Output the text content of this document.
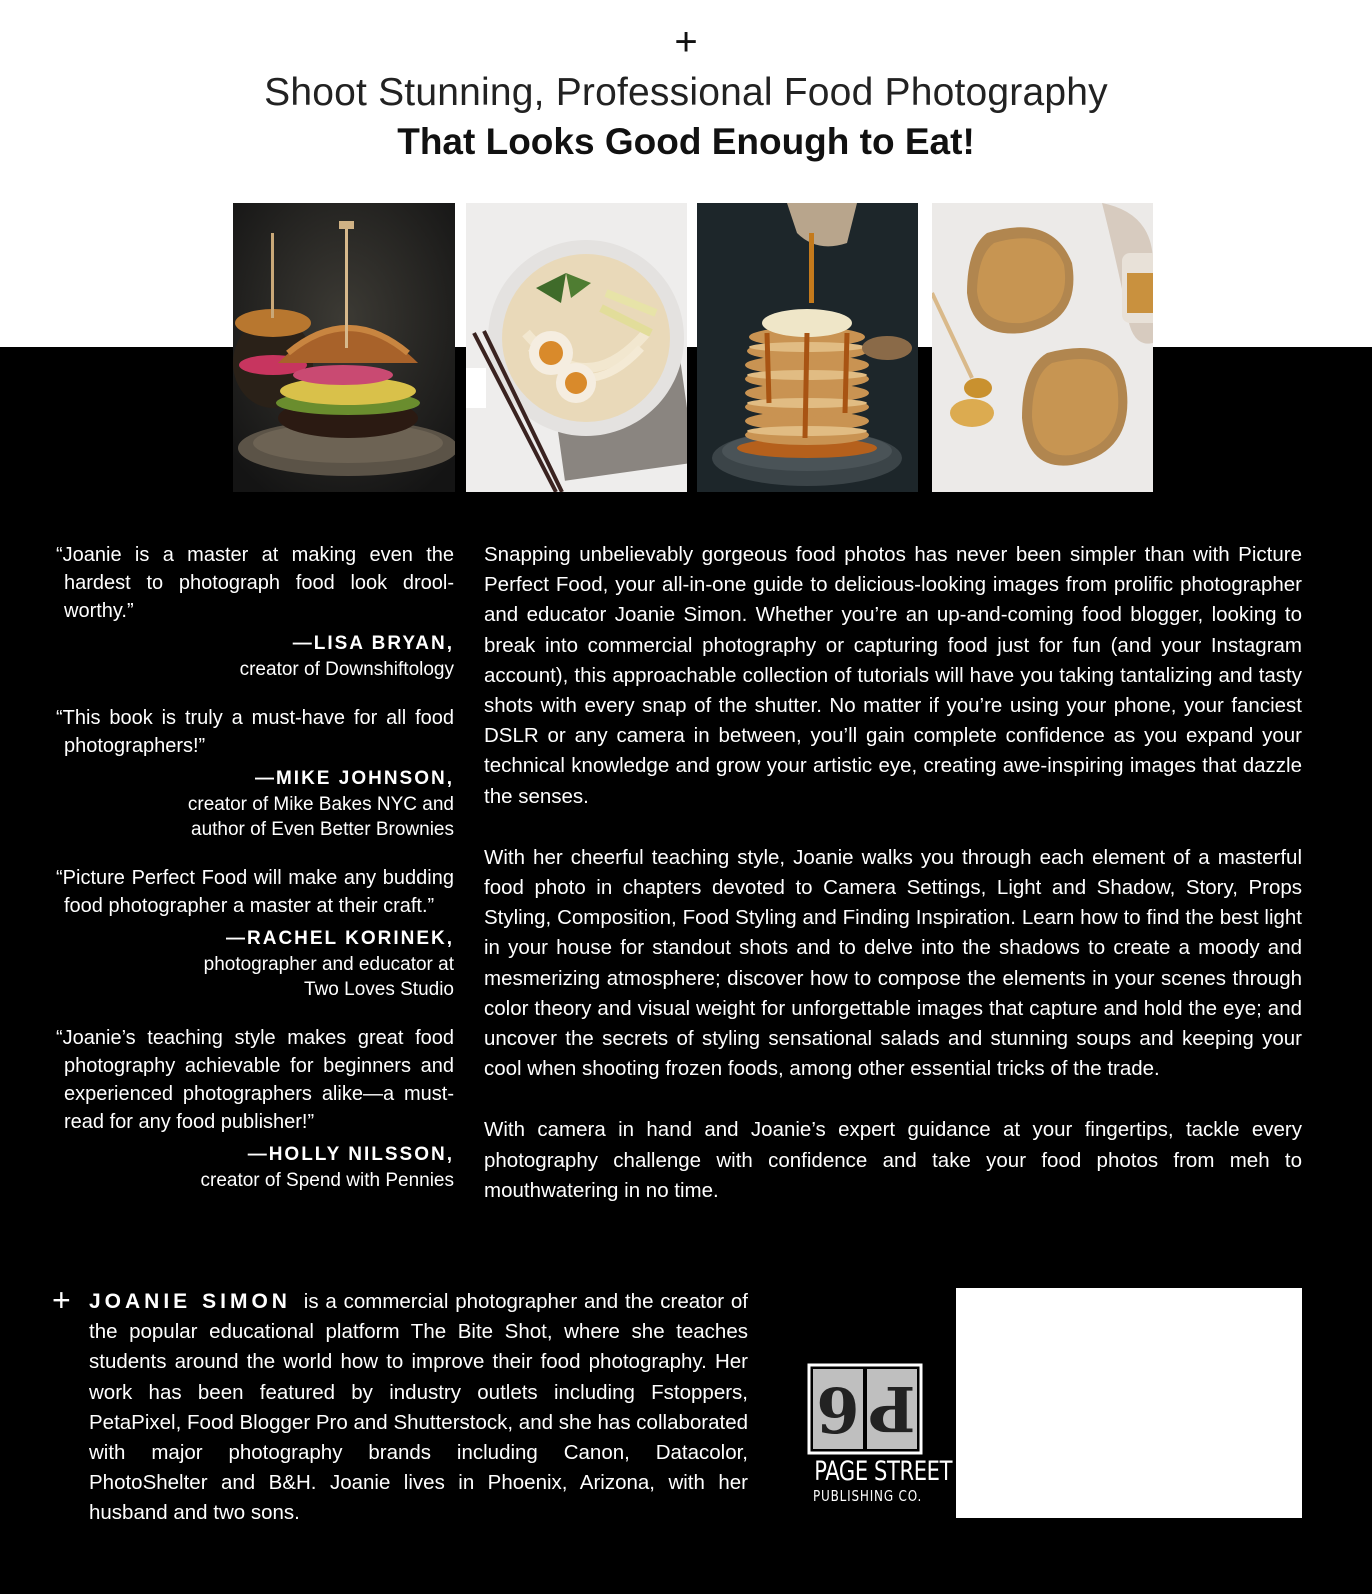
+
Shoot Stunning, Professional Food Photography
That Looks Good Enough to Eat!

“Joanie is a master at making even the hardest to photograph food look drool-worthy.”

—LISA BRYAN,
creator of Downshiftology

“This book is truly a must-have for all food photographers!”

—MIKE JOHNSON,
creator of Mike Bakes NYC and
author of Even Better Brownies

“Picture Perfect Food will make any budding food photographer a master at their craft.”

—RACHEL KORINEK,
photographer and educator at
Two Loves Studio

“Joanie’s teaching style makes great food photography achievable for beginners and experienced photographers alike—a must-read for any food publisher!”

—HOLLY NILSSON,
creator of Spend with Pennies

Snapping unbelievably gorgeous food photos has never been simpler than with Picture Perfect Food, your all-in-one guide to delicious-looking images from prolific photographer and educator Joanie Simon. Whether you’re an up-and-coming food blogger, looking to break into commercial photography or capturing food just for fun (and your Instagram account), this approachable collection of tutorials will have you taking tantalizing and tasty shots with every snap of the shutter. No matter if you’re using your phone, your fanciest DSLR or any camera in between, you’ll gain complete confidence as you expand your technical knowledge and grow your artistic eye, creating awe-inspiring images that dazzle the senses.

With her cheerful teaching style, Joanie walks you through each element of a masterful food photo in chapters devoted to Camera Settings, Light and Shadow, Story, Props Styling, Composition, Food Styling and Finding Inspiration. Learn how to find the best light in your house for standout shots and to delve into the shadows to create a moody and mesmerizing atmosphere; discover how to compose the elements in your scenes through color theory and visual weight for unforgettable images that capture and hold the eye; and uncover the secrets of styling sensational salads and stunning soups and keeping your cool when shooting frozen foods, among other essential tricks of the trade.

With camera in hand and Joanie’s expert guidance at your fingertips, tackle every photography challenge with confidence and take your food photos from meh to mouthwatering in no time.

+ JOANIE SIMON is a commercial photographer and the creator of the popular educational platform The Bite Shot, where she teaches students around the world how to improve their food photography. Her work has been featured by industry outlets including Fstoppers, PetaPixel, Food Blogger Pro and Shutterstock, and she has collaborated with major photography brands including Canon, Datacolor, PhotoShelter and B&H. Joanie lives in Phoenix, Arizona, with her husband and two sons.
9 P
PAGE STREET
PUBLISHING CO.
